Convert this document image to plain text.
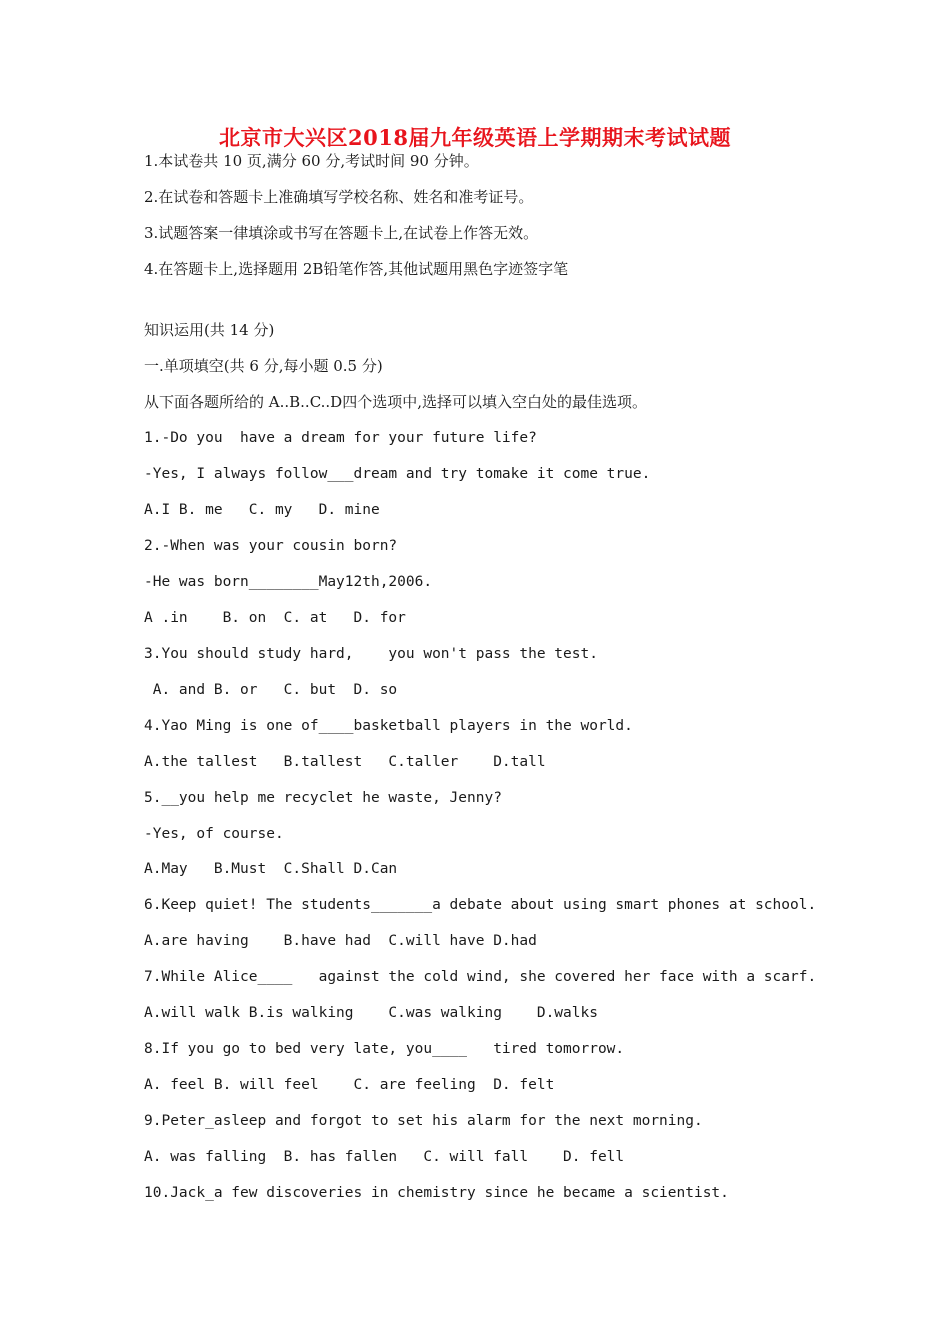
北京市大兴区2018届九年级英语上学期期末考试试题
1.本试卷共 10 页,满分 60 分,考试时间 90 分钟。
2.在试卷和答题卡上准确填写学校名称、姓名和准考证号。
3.试题答案一律填涂或书写在答题卡上,在试卷上作答无效。
4.在答题卡上,选择题用 2B铅笔作答,其他试题用黑色字迹签字笔
知识运用(共 14 分)
一.单项填空(共 6 分,每小题 0.5 分)
从下面各题所给的 A..B..C..D四个选项中,选择可以填入空白处的最佳选项。
1.-Do you  have a dream for your future life?
-Yes, I always follow___dream and try tomake it come true.
A.I B. me   C. my   D. mine
2.-When was your cousin born?
-He was born________May12th,2006.
A .in    B. on  C. at   D. for
3.You should study hard,    you won't pass the test.
A. and B. or   C. but  D. so
4.Yao Ming is one of____basketball players in the world.
A.the tallest   B.tallest   C.taller    D.tall
5.__you help me recyclet he waste, Jenny?
-Yes, of course.
A.May   B.Must  C.Shall D.Can
6.Keep quiet! The students_______a debate about using smart phones at school.
A.are having    B.have had  C.will have D.had
7.While Alice____   against the cold wind, she covered her face with a scarf.
A.will walk B.is walking    C.was walking    D.walks
8.If you go to bed very late, you____   tired tomorrow.
A. feel B. will feel    C. are feeling  D. felt
9.Peter_asleep and forgot to set his alarm for the next morning.
A. was falling  B. has fallen   C. will fall    D. fell
10.Jack_a few discoveries in chemistry since he became a scientist.
